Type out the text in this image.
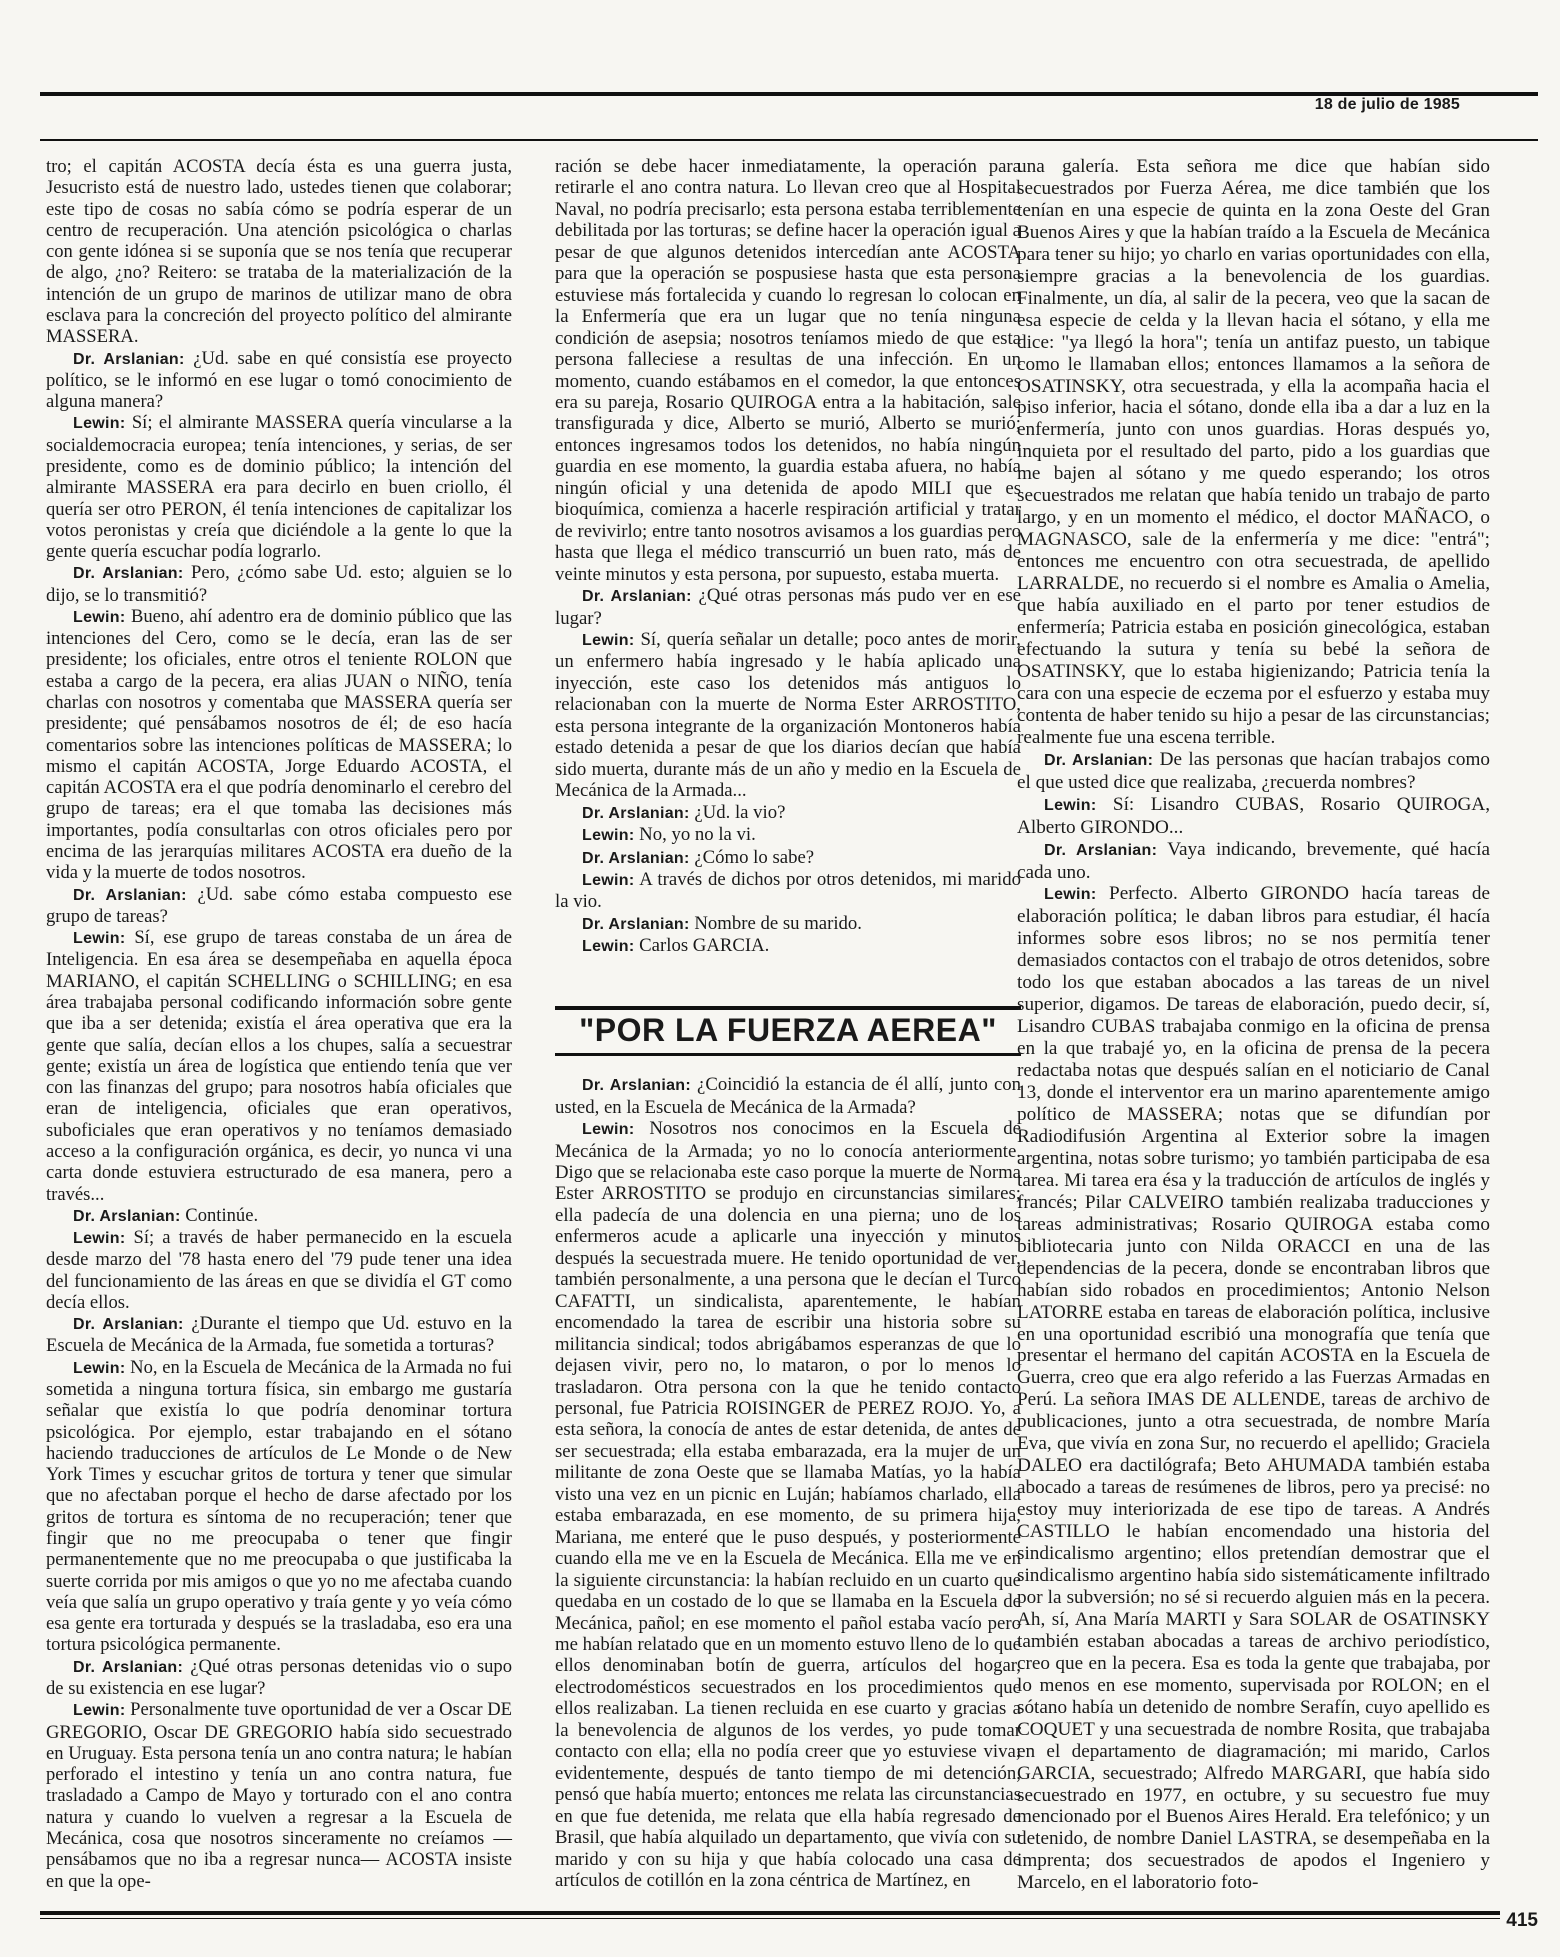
18 de julio de 1985

tro; el capitán ACOSTA decía ésta es una guerra justa, Jesucristo está de nuestro lado, ustedes tienen que colaborar; este tipo de cosas no sabía cómo se podría esperar de un centro de recuperación. Una atención psicológica o charlas con gente idónea si se suponía que se nos tenía que recuperar de algo, ¿no? Reitero: se trataba de la materialización de la intención de un grupo de marinos de utilizar mano de obra esclava para la concreción del proyecto político del almirante MASSERA.

Dr. Arslanian: ¿Ud. sabe en qué consistía ese proyecto político, se le informó en ese lugar o tomó conocimiento de alguna manera?

Lewin: Sí; el almirante MASSERA quería vincularse a la socialdemocracia europea; tenía intenciones, y serias, de ser presidente, como es de dominio público; la intención del almirante MASSERA era para decirlo en buen criollo, él quería ser otro PERON, él tenía intenciones de capitalizar los votos peronistas y creía que diciéndole a la gente lo que la gente quería escuchar podía lograrlo.

Dr. Arslanian: Pero, ¿cómo sabe Ud. esto; alguien se lo dijo, se lo transmitió?

Lewin: Bueno, ahí adentro era de dominio público que las intenciones del Cero, como se le decía, eran las de ser presidente; los oficiales, entre otros el teniente ROLON que estaba a cargo de la pecera, era alias JUAN o NIÑO, tenía charlas con nosotros y comentaba que MASSERA quería ser presidente; qué pensábamos nosotros de él; de eso hacía comentarios sobre las intenciones políticas de MASSERA; lo mismo el capitán ACOSTA, Jorge Eduardo ACOSTA, el capitán ACOSTA era el que podría denominarlo el cerebro del grupo de tareas; era el que tomaba las decisiones más importantes, podía consultarlas con otros oficiales pero por encima de las jerarquías militares ACOSTA era dueño de la vida y la muerte de todos nosotros.

Dr. Arslanian: ¿Ud. sabe cómo estaba compuesto ese grupo de tareas?

Lewin: Sí, ese grupo de tareas constaba de un área de Inteligencia. En esa área se desempeñaba en aquella época MARIANO, el capitán SCHELLING o SCHILLING; en esa área trabajaba personal codificando información sobre gente que iba a ser detenida; existía el área operativa que era la gente que salía, decían ellos a los chupes, salía a secuestrar gente; existía un área de logística que entiendo tenía que ver con las finanzas del grupo; para nosotros había oficiales que eran de inteligencia, oficiales que eran operativos, suboficiales que eran operativos y no teníamos demasiado acceso a la configuración orgánica, es decir, yo nunca vi una carta donde estuviera estructurado de esa manera, pero a través...

Dr. Arslanian: Continúe.

Lewin: Sí; a través de haber permanecido en la escuela desde marzo del '78 hasta enero del '79 pude tener una idea del funcionamiento de las áreas en que se dividía el GT como decía ellos.

Dr. Arslanian: ¿Durante el tiempo que Ud. estuvo en la Escuela de Mecánica de la Armada, fue sometida a torturas?

Lewin: No, en la Escuela de Mecánica de la Armada no fui sometida a ninguna tortura física, sin embargo me gustaría señalar que existía lo que podría denominar tortura psicológica. Por ejemplo, estar trabajando en el sótano haciendo traducciones de artículos de Le Monde o de New York Times y escuchar gritos de tortura y tener que simular que no afectaban porque el hecho de darse afectado por los gritos de tortura es síntoma de no recuperación; tener que fingir que no me preocupaba o tener que fingir permanentemente que no me preocupaba o que justificaba la suerte corrida por mis amigos o que yo no me afectaba cuando veía que salía un grupo operativo y traía gente y yo veía cómo esa gente era torturada y después se la trasladaba, eso era una tortura psicológica permanente.

Dr. Arslanian: ¿Qué otras personas detenidas vio o supo de su existencia en ese lugar?

Lewin: Personalmente tuve oportunidad de ver a Oscar DE GREGORIO, Oscar DE GREGORIO había sido secuestrado en Uruguay. Esta persona tenía un ano contra natura; le habían perforado el intestino y tenía un ano contra natura, fue trasladado a Campo de Mayo y torturado con el ano contra natura y cuando lo vuelven a regresar a la Escuela de Mecánica, cosa que nosotros sinceramente no creíamos —pensábamos que no iba a regresar nunca— ACOSTA insiste en que la ope-

ración se debe hacer inmediatamente, la operación para retirarle el ano contra natura. Lo llevan creo que al Hospital Naval, no podría precisarlo; esta persona estaba terriblemente debilitada por las torturas; se define hacer la operación igual a pesar de que algunos detenidos intercedían ante ACOSTA para que la operación se pospusiese hasta que esta persona estuviese más fortalecida y cuando lo regresan lo colocan en la Enfermería que era un lugar que no tenía ninguna condición de asepsia; nosotros teníamos miedo de que esta persona falleciese a resultas de una infección. En un momento, cuando estábamos en el comedor, la que entonces era su pareja, Rosario QUIROGA entra a la habitación, sale transfigurada y dice, Alberto se murió, Alberto se murió; entonces ingresamos todos los detenidos, no había ningún guardia en ese momento, la guardia estaba afuera, no había ningún oficial y una detenida de apodo MILI que es bioquímica, comienza a hacerle respiración artificial y tratar de revivirlo; entre tanto nosotros avisamos a los guardias pero hasta que llega el médico transcurrió un buen rato, más de veinte minutos y esta persona, por supuesto, estaba muerta.

Dr. Arslanian: ¿Qué otras personas más pudo ver en ese lugar?

Lewin: Sí, quería señalar un detalle; poco antes de morir, un enfermero había ingresado y le había aplicado una inyección, este caso los detenidos más antiguos lo relacionaban con la muerte de Norma Ester ARROSTITO, esta persona integrante de la organización Montoneros había estado detenida a pesar de que los diarios decían que había sido muerta, durante más de un año y medio en la Escuela de Mecánica de la Armada...

Dr. Arslanian: ¿Ud. la vio?

Lewin: No, yo no la vi.

Dr. Arslanian: ¿Cómo lo sabe?

Lewin: A través de dichos por otros detenidos, mi marido la vio.

Dr. Arslanian: Nombre de su marido.

Lewin: Carlos GARCIA.

"POR LA FUERZA AEREA"

Dr. Arslanian: ¿Coincidió la estancia de él allí, junto con usted, en la Escuela de Mecánica de la Armada?

Lewin: Nosotros nos conocimos en la Escuela de Mecánica de la Armada; yo no lo conocía anteriormente. Digo que se relacionaba este caso porque la muerte de Norma Ester ARROSTITO se produjo en circunstancias similares; ella padecía de una dolencia en una pierna; uno de los enfermeros acude a aplicarle una inyección y minutos después la secuestrada muere. He tenido oportunidad de ver, también personalmente, a una persona que le decían el Turco CAFATTI, un sindicalista, aparentemente, le habían encomendado la tarea de escribir una historia sobre su militancia sindical; todos abrigábamos esperanzas de que lo dejasen vivir, pero no, lo mataron, o por lo menos lo trasladaron. Otra persona con la que he tenido contacto personal, fue Patricia ROISINGER de PEREZ ROJO. Yo, a esta señora, la conocía de antes de estar detenida, de antes de ser secuestrada; ella estaba embarazada, era la mujer de un militante de zona Oeste que se llamaba Matías, yo la había visto una vez en un picnic en Luján; habíamos charlado, ella estaba embarazada, en ese momento, de su primera hija, Mariana, me enteré que le puso después, y posteriormente cuando ella me ve en la Escuela de Mecánica. Ella me ve en la siguiente circunstancia: la habían recluido en un cuarto que quedaba en un costado de lo que se llamaba en la Escuela de Mecánica, pañol; en ese momento el pañol estaba vacío pero me habían relatado que en un momento estuvo lleno de lo que ellos denominaban botín de guerra, artículos del hogar, electrodomésticos secuestrados en los procedimientos que ellos realizaban. La tienen recluida en ese cuarto y gracias a la benevolencia de algunos de los verdes, yo pude tomar contacto con ella; ella no podía creer que yo estuviese viva; evidentemente, después de tanto tiempo de mi detención, pensó que había muerto; entonces me relata las circunstancias en que fue detenida, me relata que ella había regresado de Brasil, que había alquilado un departamento, que vivía con su marido y con su hija y que había colocado una casa de artículos de cotillón en la zona céntrica de Martínez, en

una galería. Esta señora me dice que habían sido secuestrados por Fuerza Aérea, me dice también que los tenían en una especie de quinta en la zona Oeste del Gran Buenos Aires y que la habían traído a la Escuela de Mecánica para tener su hijo; yo charlo en varias oportunidades con ella, siempre gracias a la benevolencia de los guardias. Finalmente, un día, al salir de la pecera, veo que la sacan de esa especie de celda y la llevan hacia el sótano, y ella me dice: "ya llegó la hora"; tenía un antifaz puesto, un tabique como le llamaban ellos; entonces llamamos a la señora de OSATINSKY, otra secuestrada, y ella la acompaña hacia el piso inferior, hacia el sótano, donde ella iba a dar a luz en la enfermería, junto con unos guardias. Horas después yo, inquieta por el resultado del parto, pido a los guardias que me bajen al sótano y me quedo esperando; los otros secuestrados me relatan que había tenido un trabajo de parto largo, y en un momento el médico, el doctor MAÑACO, o MAGNASCO, sale de la enfermería y me dice: "entrá"; entonces me encuentro con otra secuestrada, de apellido LARRALDE, no recuerdo si el nombre es Amalia o Amelia, que había auxiliado en el parto por tener estudios de enfermería; Patricia estaba en posición ginecológica, estaban efectuando la sutura y tenía su bebé la señora de OSATINSKY, que lo estaba higienizando; Patricia tenía la cara con una especie de eczema por el esfuerzo y estaba muy contenta de haber tenido su hijo a pesar de las circunstancias; realmente fue una escena terrible.

Dr. Arslanian: De las personas que hacían trabajos como el que usted dice que realizaba, ¿recuerda nombres?

Lewin: Sí: Lisandro CUBAS, Rosario QUIROGA, Alberto GIRONDO...

Dr. Arslanian: Vaya indicando, brevemente, qué hacía cada uno.

Lewin: Perfecto. Alberto GIRONDO hacía tareas de elaboración política; le daban libros para estudiar, él hacía informes sobre esos libros; no se nos permitía tener demasiados contactos con el trabajo de otros detenidos, sobre todo los que estaban abocados a las tareas de un nivel superior, digamos. De tareas de elaboración, puedo decir, sí, Lisandro CUBAS trabajaba conmigo en la oficina de prensa en la que trabajé yo, en la oficina de prensa de la pecera redactaba notas que después salían en el noticiario de Canal 13, donde el interventor era un marino aparentemente amigo político de MASSERA; notas que se difundían por Radiodifusión Argentina al Exterior sobre la imagen argentina, notas sobre turismo; yo también participaba de esa tarea. Mi tarea era ésa y la traducción de artículos de inglés y francés; Pilar CALVEIRO también realizaba traducciones y tareas administrativas; Rosario QUIROGA estaba como bibliotecaria junto con Nilda ORACCI en una de las dependencias de la pecera, donde se encontraban libros que habían sido robados en procedimientos; Antonio Nelson LATORRE estaba en tareas de elaboración política, inclusive en una oportunidad escribió una monografía que tenía que presentar el hermano del capitán ACOSTA en la Escuela de Guerra, creo que era algo referido a las Fuerzas Armadas en Perú. La señora IMAS DE ALLENDE, tareas de archivo de publicaciones, junto a otra secuestrada, de nombre María Eva, que vivía en zona Sur, no recuerdo el apellido; Graciela DALEO era dactilógrafa; Beto AHUMADA también estaba abocado a tareas de resúmenes de libros, pero ya precisé: no estoy muy interiorizada de ese tipo de tareas. A Andrés CASTILLO le habían encomendado una historia del sindicalismo argentino; ellos pretendían demostrar que el sindicalismo argentino había sido sistemáticamente infiltrado por la subversión; no sé si recuerdo alguien más en la pecera. Ah, sí, Ana María MARTI y Sara SOLAR de OSATINSKY también estaban abocadas a tareas de archivo periodístico, creo que en la pecera. Esa es toda la gente que trabajaba, por lo menos en ese momento, supervisada por ROLON; en el sótano había un detenido de nombre Serafín, cuyo apellido es COQUET y una secuestrada de nombre Rosita, que trabajaba en el departamento de diagramación; mi marido, Carlos GARCIA, secuestrado; Alfredo MARGARI, que había sido secuestrado en 1977, en octubre, y su secuestro fue muy mencionado por el Buenos Aires Herald. Era telefónico; y un detenido, de nombre Daniel LASTRA, se desempeñaba en la imprenta; dos secuestrados de apodos el Ingeniero y Marcelo, en el laboratorio foto-

415
